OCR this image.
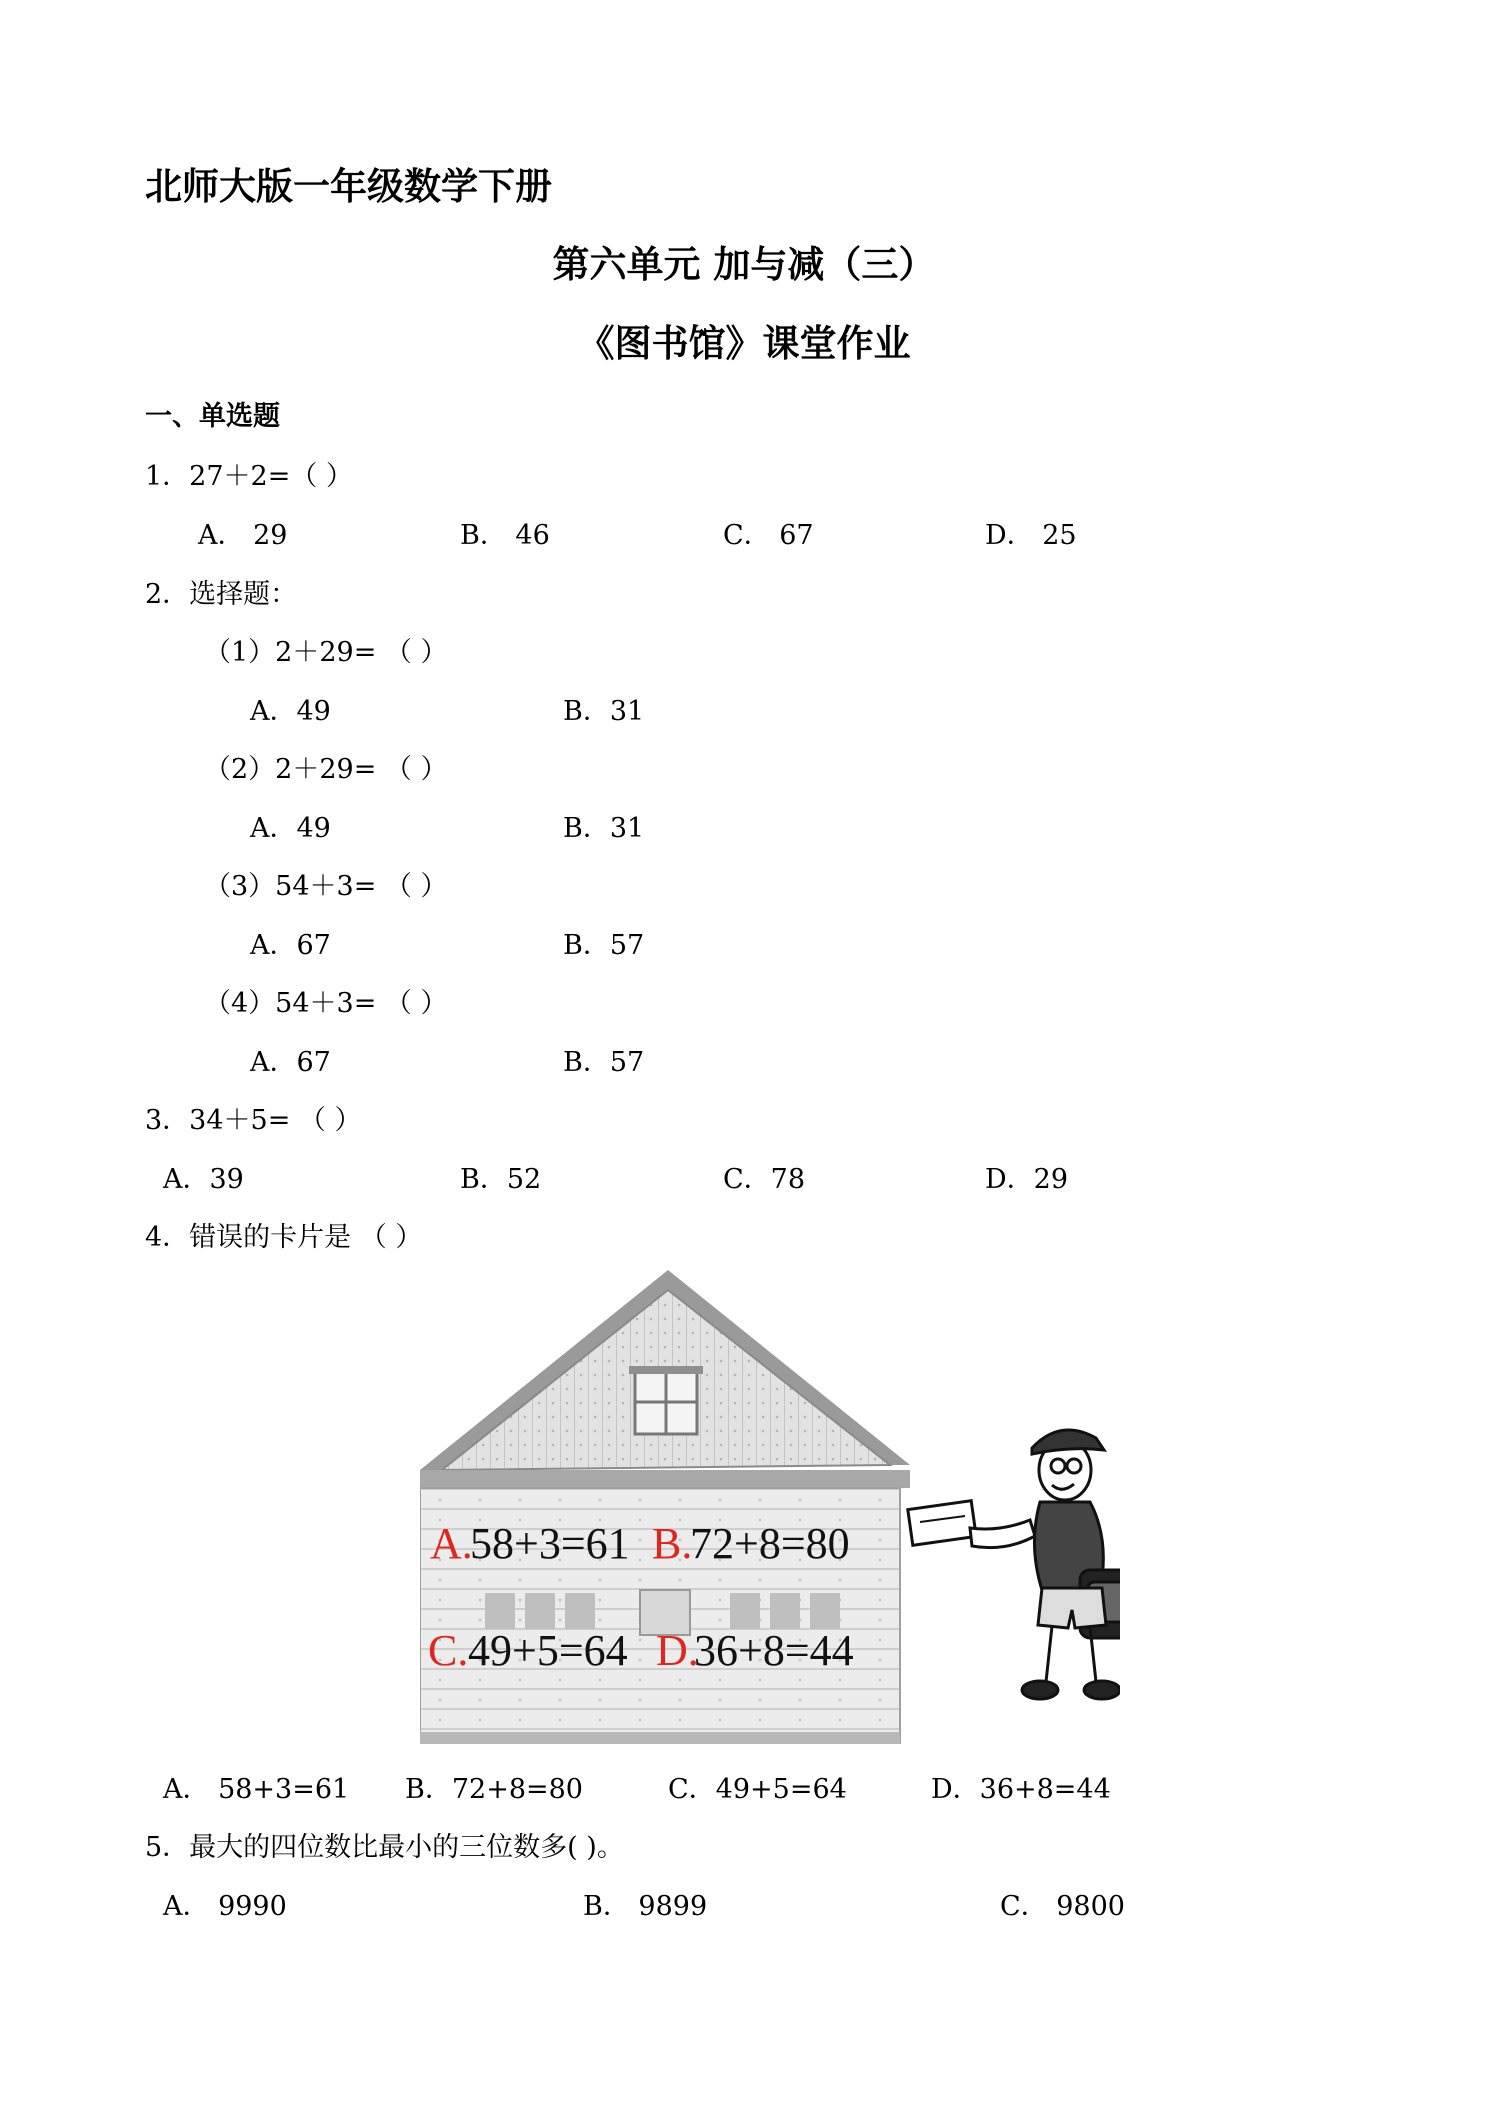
北师大版一年级数学下册
第六单元 加与减（三）
《图书馆》课堂作业
一、单选题
1．27＋2=（ ）
A． 29	B． 46	C． 67	D． 25
2．选择题：
（1）2＋29= （ ）
A．49	B．31
（2）2＋29= （ ）
A．49	B．31
（3）54＋3= （ ）
A．67	B．57
（4）54＋3= （ ）
A．67	B．57
3．34＋5= （ ）
A．39	B．52	C．78	D．29
4．错误的卡片是 （ ）
A.
58+3=61 B.
72+8=80
C. 49+5=64 D.
36+8=44
A． 58+3=61 B．72+8=80	C．49+5=64	D．36+8=44
5．最大的四位数比最小的三位数多( )。
A． 9990	B． 9899	C． 9800
